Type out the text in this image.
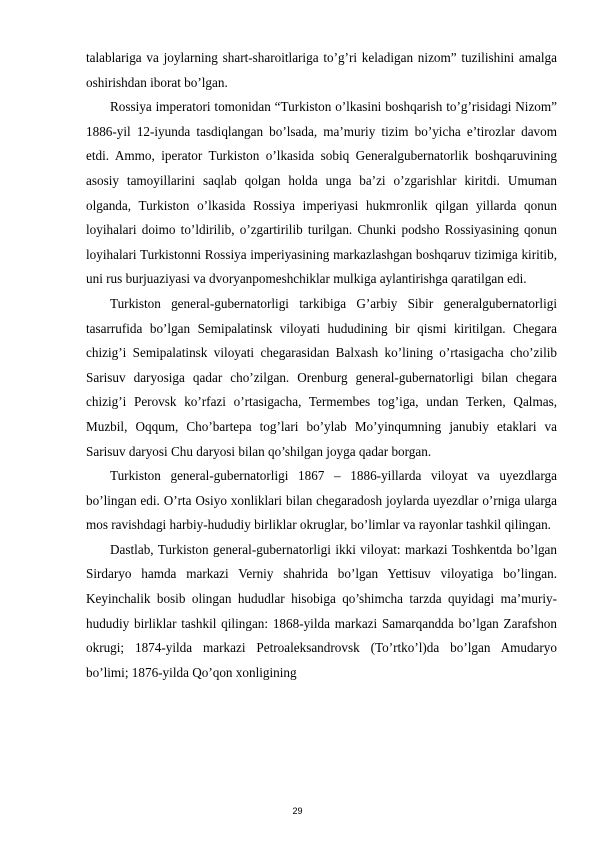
talablariga va joylarning shart-sharoitlariga to’g’ri keladigan nizom” tuzilishini amalga oshirishdan iborat bo’lgan.

Rossiya imperatori tomonidan “Turkiston o’lkasini boshqarish to’g’risidagi Nizom” 1886-yil 12-iyunda tasdiqlangan bo’lsada, ma’muriy tizim bo’yicha e’tirozlar davom etdi. Ammo, iperator Turkiston o’lkasida sobiq Generalgubernatorlik boshqaruvining asosiy tamoyillarini saqlab qolgan holda unga ba’zi o’zgarishlar kiritdi. Umuman olganda, Turkiston o’lkasida Rossiya imperiyasi hukmronlik qilgan yillarda qonun loyihalari doimo to’ldirilib, o’zgartirilib turilgan. Chunki podsho Rossiyasining qonun loyihalari Turkistonni Rossiya imperiyasining markazlashgan boshqaruv tizimiga kiritib, uni rus burjuaziyasi va dvoryanpomeshchiklar mulkiga aylantirishga qaratilgan edi.

Turkiston general-gubernatorligi tarkibiga G’arbiy Sibir generalgubernatorligi tasarrufida bo’lgan Semipalatinsk viloyati hududining bir qismi kiritilgan. Chegara chizig’i Semipalatinsk viloyati chegarasidan Balxash ko’lining o’rtasigacha cho’zilib Sarisuv daryosiga qadar cho’zilgan. Orenburg general-gubernatorligi bilan chegara chizig’i Perovsk ko’rfazi o’rtasigacha, Termembes tog’iga, undan Terken, Qalmas, Muzbil, Oqqum, Cho’bartepa tog’lari bo’ylab Mo’yinqumning janubiy etaklari va Sarisuv daryosi Chu daryosi bilan qo’shilgan joyga qadar borgan.

Turkiston general-gubernatorligi 1867 – 1886-yillarda viloyat va uyezdlarga bo’lingan edi. O’rta Osiyo xonliklari bilan chegaradosh joylarda uyezdlar o’rniga ularga mos ravishdagi harbiy-hududiy birliklar okruglar, bo’limlar va rayonlar tashkil qilingan.

Dastlab, Turkiston general-gubernatorligi ikki viloyat: markazi Toshkentda bo’lgan Sirdaryo hamda markazi Verniy shahrida bo’lgan Yettisuv viloyatiga bo’lingan. Keyinchalik bosib olingan hududlar hisobiga qo’shimcha tarzda quyidagi ma’muriy-hududiy birliklar tashkil qilingan: 1868-yilda markazi Samarqandda bo’lgan Zarafshon okrugi; 1874-yilda markazi Petroaleksandrovsk (To’rtko’l)da bo’lgan Amudaryo bo’limi; 1876-yilda Qo’qon xonligining

29
